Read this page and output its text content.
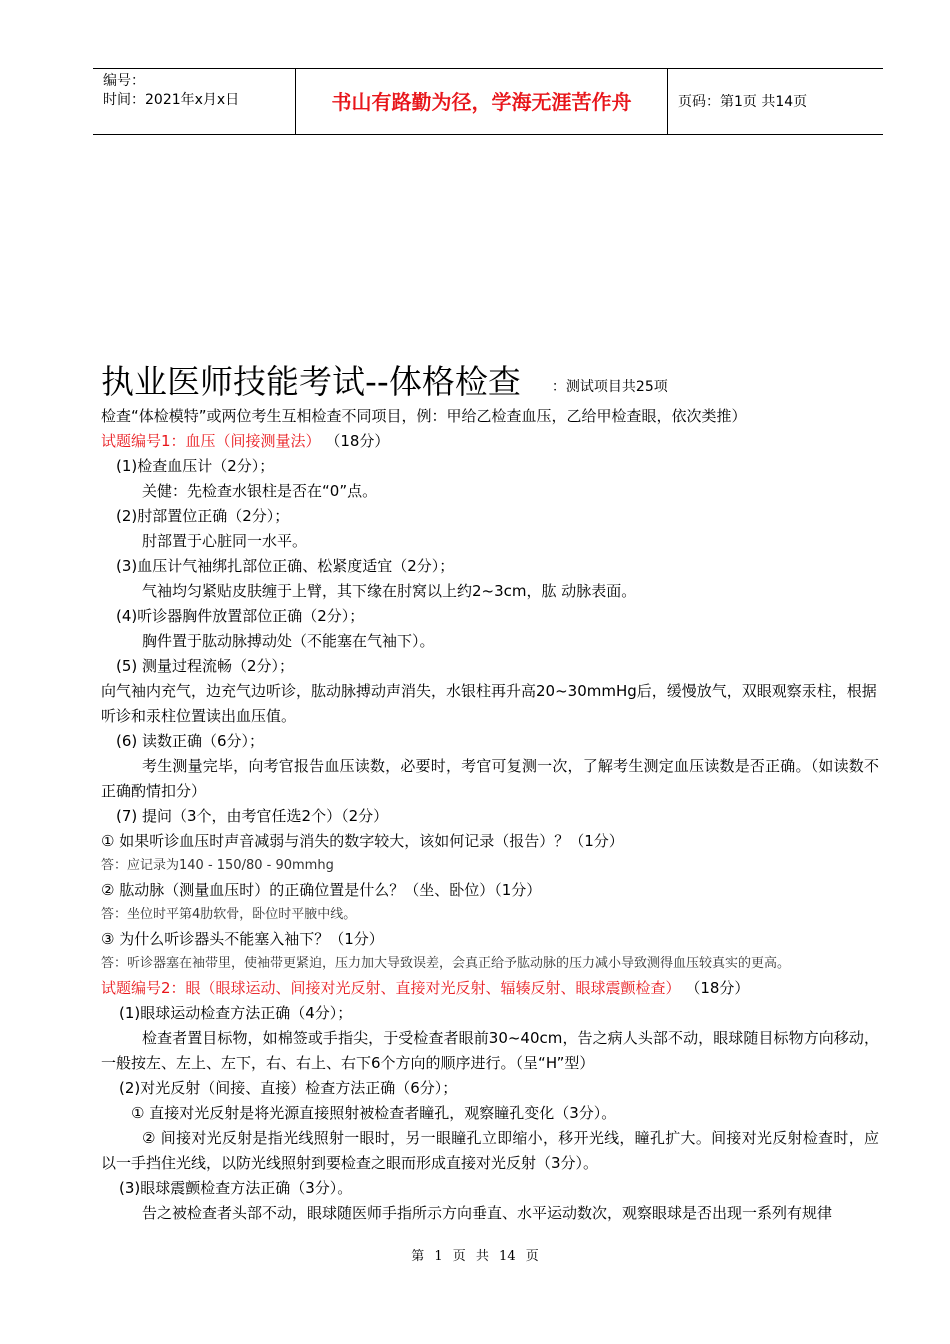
编号：
时间：2021年x月x日	书山有路勤为径，学海无涯苦作舟	页码：第1页 共14页
执业医师技能考试--体格检查 ：测试项目共25项

检查“体检模特”或两位考生互相检查不同项目，例：甲给乙检查血压，乙给甲检查眼，依次类推）

试题编号1：血压（间接测量法） （18分）

(1)检查血压计（2分）；

关健：先检查水银柱是否在“0”点。

(2)肘部置位正确（2分）；

肘部置于心脏同一水平。

(3)血压计气袖绑扎部位正确、松紧度适宜（2分）；

气袖均匀紧贴皮肤缠于上臂，其下缘在肘窝以上约2~3cm，肱 动脉表面。

(4)听诊器胸件放置部位正确（2分）；

胸件置于肱动脉搏动处（不能塞在气袖下）。

(5) 测量过程流畅（2分）；

向气袖内充气，边充气边听诊，肱动脉搏动声消失，水银柱再升高20~30mmHg后，缓慢放气，双眼观察汞柱，根据听诊和汞柱位置读出血压值。

(6) 读数正确（6分）；

考生测量完毕，向考官报告血压读数，必要时，考官可复测一次，了解考生测定血压读数是否正确。（如读数不正确酌情扣分）

(7) 提问（3个，由考官任选2个）（2分）

① 如果听诊血压时声音减弱与消失的数字较大，该如何记录（报告）？（1分）

答：应记录为140 - 150/80 - 90mmhg

② 肱动脉（测量血压时）的正确位置是什么？（坐、卧位）（1分）

答：坐位时平第4肋软骨，卧位时平腋中线。

③ 为什么听诊器头不能塞入袖下？（1分）

答：听诊器塞在袖带里，使袖带更紧迫，压力加大导致误差，会真正给予肱动脉的压力减小导致测得血压较真实的更高。

试题编号2：眼（眼球运动、间接对光反射、直接对光反射、辐辏反射、眼球震颤检查） （18分）

(1)眼球运动检查方法正确（4分）；

检查者置目标物，如棉签或手指尖，于受检查者眼前30~40cm，告之病人头部不动，眼球随目标物方向移动，一般按左、左上、左下，右、右上、右下6个方向的顺序进行。（呈“H”型）

(2)对光反射（间接、直接）检查方法正确（6分）；

① 直接对光反射是将光源直接照射被检查者瞳孔，观察瞳孔变化（3分）。

② 间接对光反射是指光线照射一眼时，另一眼瞳孔立即缩小，移开光线，瞳孔扩大。间接对光反射检查时，应以一手挡住光线，以防光线照射到要检查之眼而形成直接对光反射（3分）。

(3)眼球震颤检查方法正确（3分）。

告之被检查者头部不动，眼球随医师手指所示方向垂直、水平运动数次，观察眼球是否出现一系列有规律

第 1 页 共 14 页
